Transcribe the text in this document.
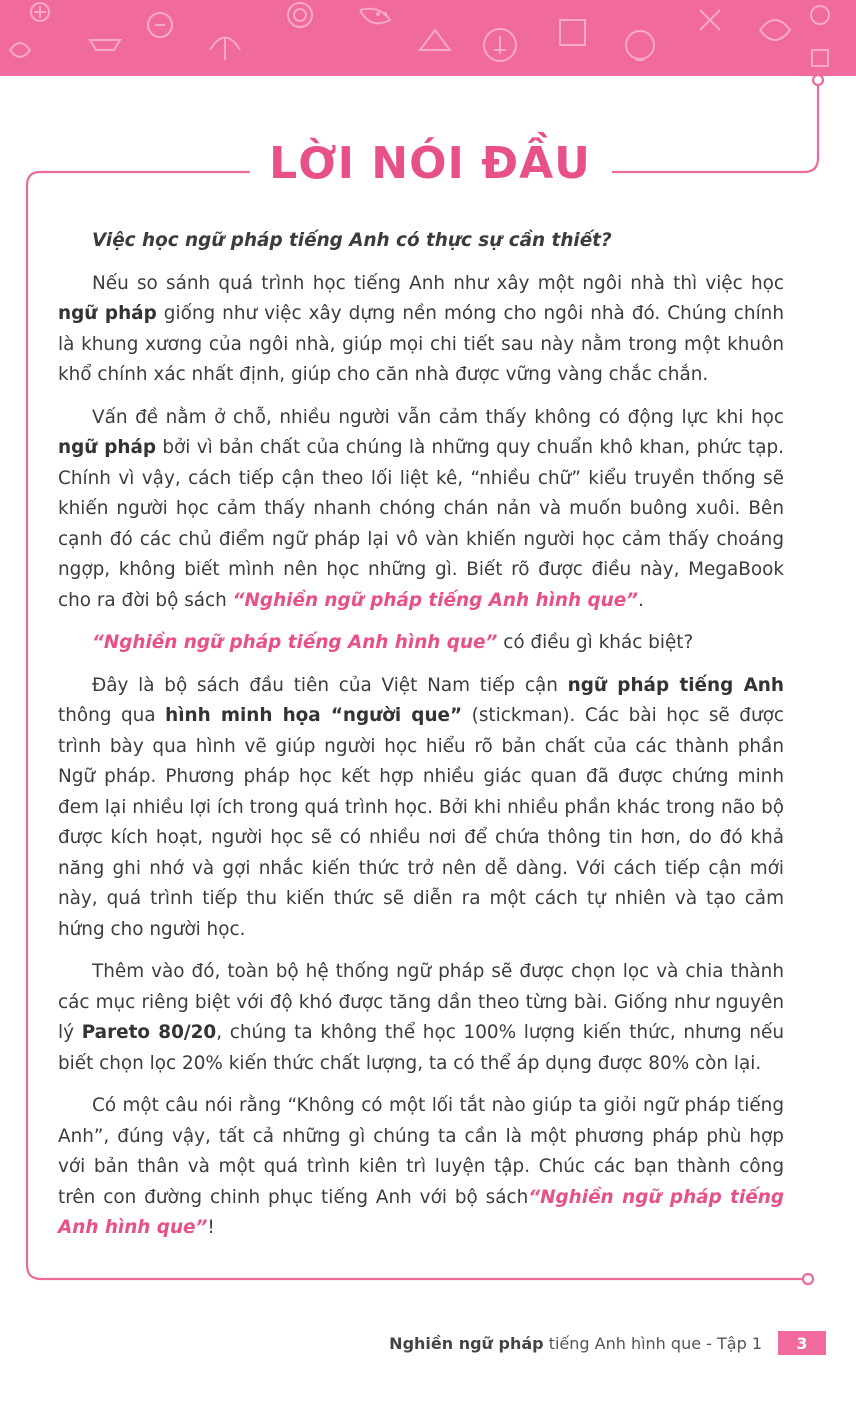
LỜI NÓI ĐẦU

Việc học ngữ pháp tiếng Anh có thực sự cần thiết?

Nếu so sánh quá trình học tiếng Anh như xây một ngôi nhà thì việc học ngữ pháp giống như việc xây dựng nền móng cho ngôi nhà đó. Chúng chính là khung xương của ngôi nhà, giúp mọi chi tiết sau này nằm trong một khuôn khổ chính xác nhất định, giúp cho căn nhà được vững vàng chắc chắn.

Vấn đề nằm ở chỗ, nhiều người vẫn cảm thấy không có động lực khi học ngữ pháp bởi vì bản chất của chúng là những quy chuẩn khô khan, phức tạp. Chính vì vậy, cách tiếp cận theo lối liệt kê, “nhiều chữ” kiểu truyền thống sẽ khiến người học cảm thấy nhanh chóng chán nản và muốn buông xuôi. Bên cạnh đó các chủ điểm ngữ pháp lại vô vàn khiến người học cảm thấy choáng ngợp, không biết mình nên học những gì. Biết rõ được điều này, MegaBook cho ra đời bộ sách “Nghiền ngữ pháp tiếng Anh hình que”.

“Nghiền ngữ pháp tiếng Anh hình que” có điều gì khác biệt?

Đây là bộ sách đầu tiên của Việt Nam tiếp cận ngữ pháp tiếng Anh thông qua hình minh họa “người que” (stickman). Các bài học sẽ được trình bày qua hình vẽ giúp người học hiểu rõ bản chất của các thành phần Ngữ pháp. Phương pháp học kết hợp nhiều giác quan đã được chứng minh đem lại nhiều lợi ích trong quá trình học. Bởi khi nhiều phần khác trong não bộ được kích hoạt, người học sẽ có nhiều nơi để chứa thông tin hơn, do đó khả năng ghi nhớ và gợi nhắc kiến thức trở nên dễ dàng. Với cách tiếp cận mới này, quá trình tiếp thu kiến thức sẽ diễn ra một cách tự nhiên và tạo cảm hứng cho người học.

Thêm vào đó, toàn bộ hệ thống ngữ pháp sẽ được chọn lọc và chia thành các mục riêng biệt với độ khó được tăng dần theo từng bài. Giống như nguyên lý Pareto 80/20, chúng ta không thể học 100% lượng kiến thức, nhưng nếu biết chọn lọc 20% kiến thức chất lượng, ta có thể áp dụng được 80% còn lại.

Có một câu nói rằng “Không có một lối tắt nào giúp ta giỏi ngữ pháp tiếng Anh”, đúng vậy, tất cả những gì chúng ta cần là một phương pháp phù hợp với bản thân và một quá trình kiên trì luyện tập. Chúc các bạn thành công trên con đường chinh phục tiếng Anh với bộ sách“Nghiền ngữ pháp tiếng Anh hình que”!

Nghiền ngữ pháp tiếng Anh hình que - Tập 1	3
